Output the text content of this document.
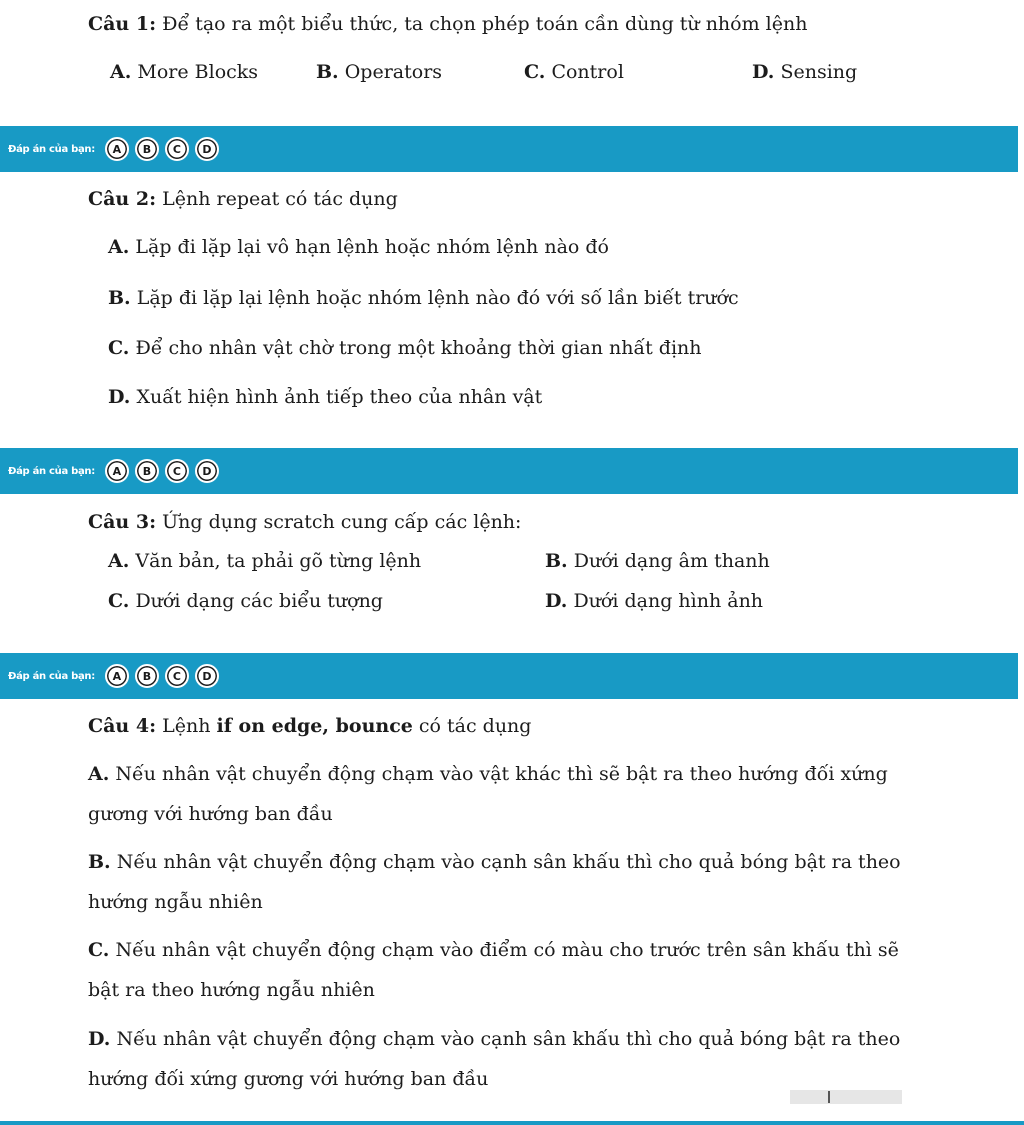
Câu 1: Để tạo ra một biểu thức, ta chọn phép toán cần dùng từ nhóm lệnh
A. More Blocks	B. Operators	C. Control	D. Sensing
Đáp án của bạn:	A	B	C	D
Câu 2: Lệnh repeat có tác dụng
A. Lặp đi lặp lại vô hạn lệnh hoặc nhóm lệnh nào đó
B. Lặp đi lặp lại lệnh hoặc nhóm lệnh nào đó với số lần biết trước
C. Để cho nhân vật chờ trong một khoảng thời gian nhất định
D. Xuất hiện hình ảnh tiếp theo của nhân vật
Đáp án của bạn:	A	B	C	D
Câu 3: Ứng dụng scratch cung cấp các lệnh:
A. Văn bản, ta phải gõ từng lệnh	B. Dưới dạng âm thanh
C. Dưới dạng các biểu tượng	D. Dưới dạng hình ảnh
Đáp án của bạn:	A	B	C	D
Câu 4: Lệnh if on edge, bounce có tác dụng
A. Nếu nhân vật chuyển động chạm vào vật khác thì sẽ bật ra theo hướng đối xứng gương với hướng ban đầu
B. Nếu nhân vật chuyển động chạm vào cạnh sân khấu thì cho quả bóng bật ra theo hướng ngẫu nhiên
C. Nếu nhân vật chuyển động chạm vào điểm có màu cho trước trên sân khấu thì sẽ bật ra theo hướng ngẫu nhiên
D. Nếu nhân vật chuyển động chạm vào cạnh sân khấu thì cho quả bóng bật ra theo hướng đối xứng gương với hướng ban đầu
